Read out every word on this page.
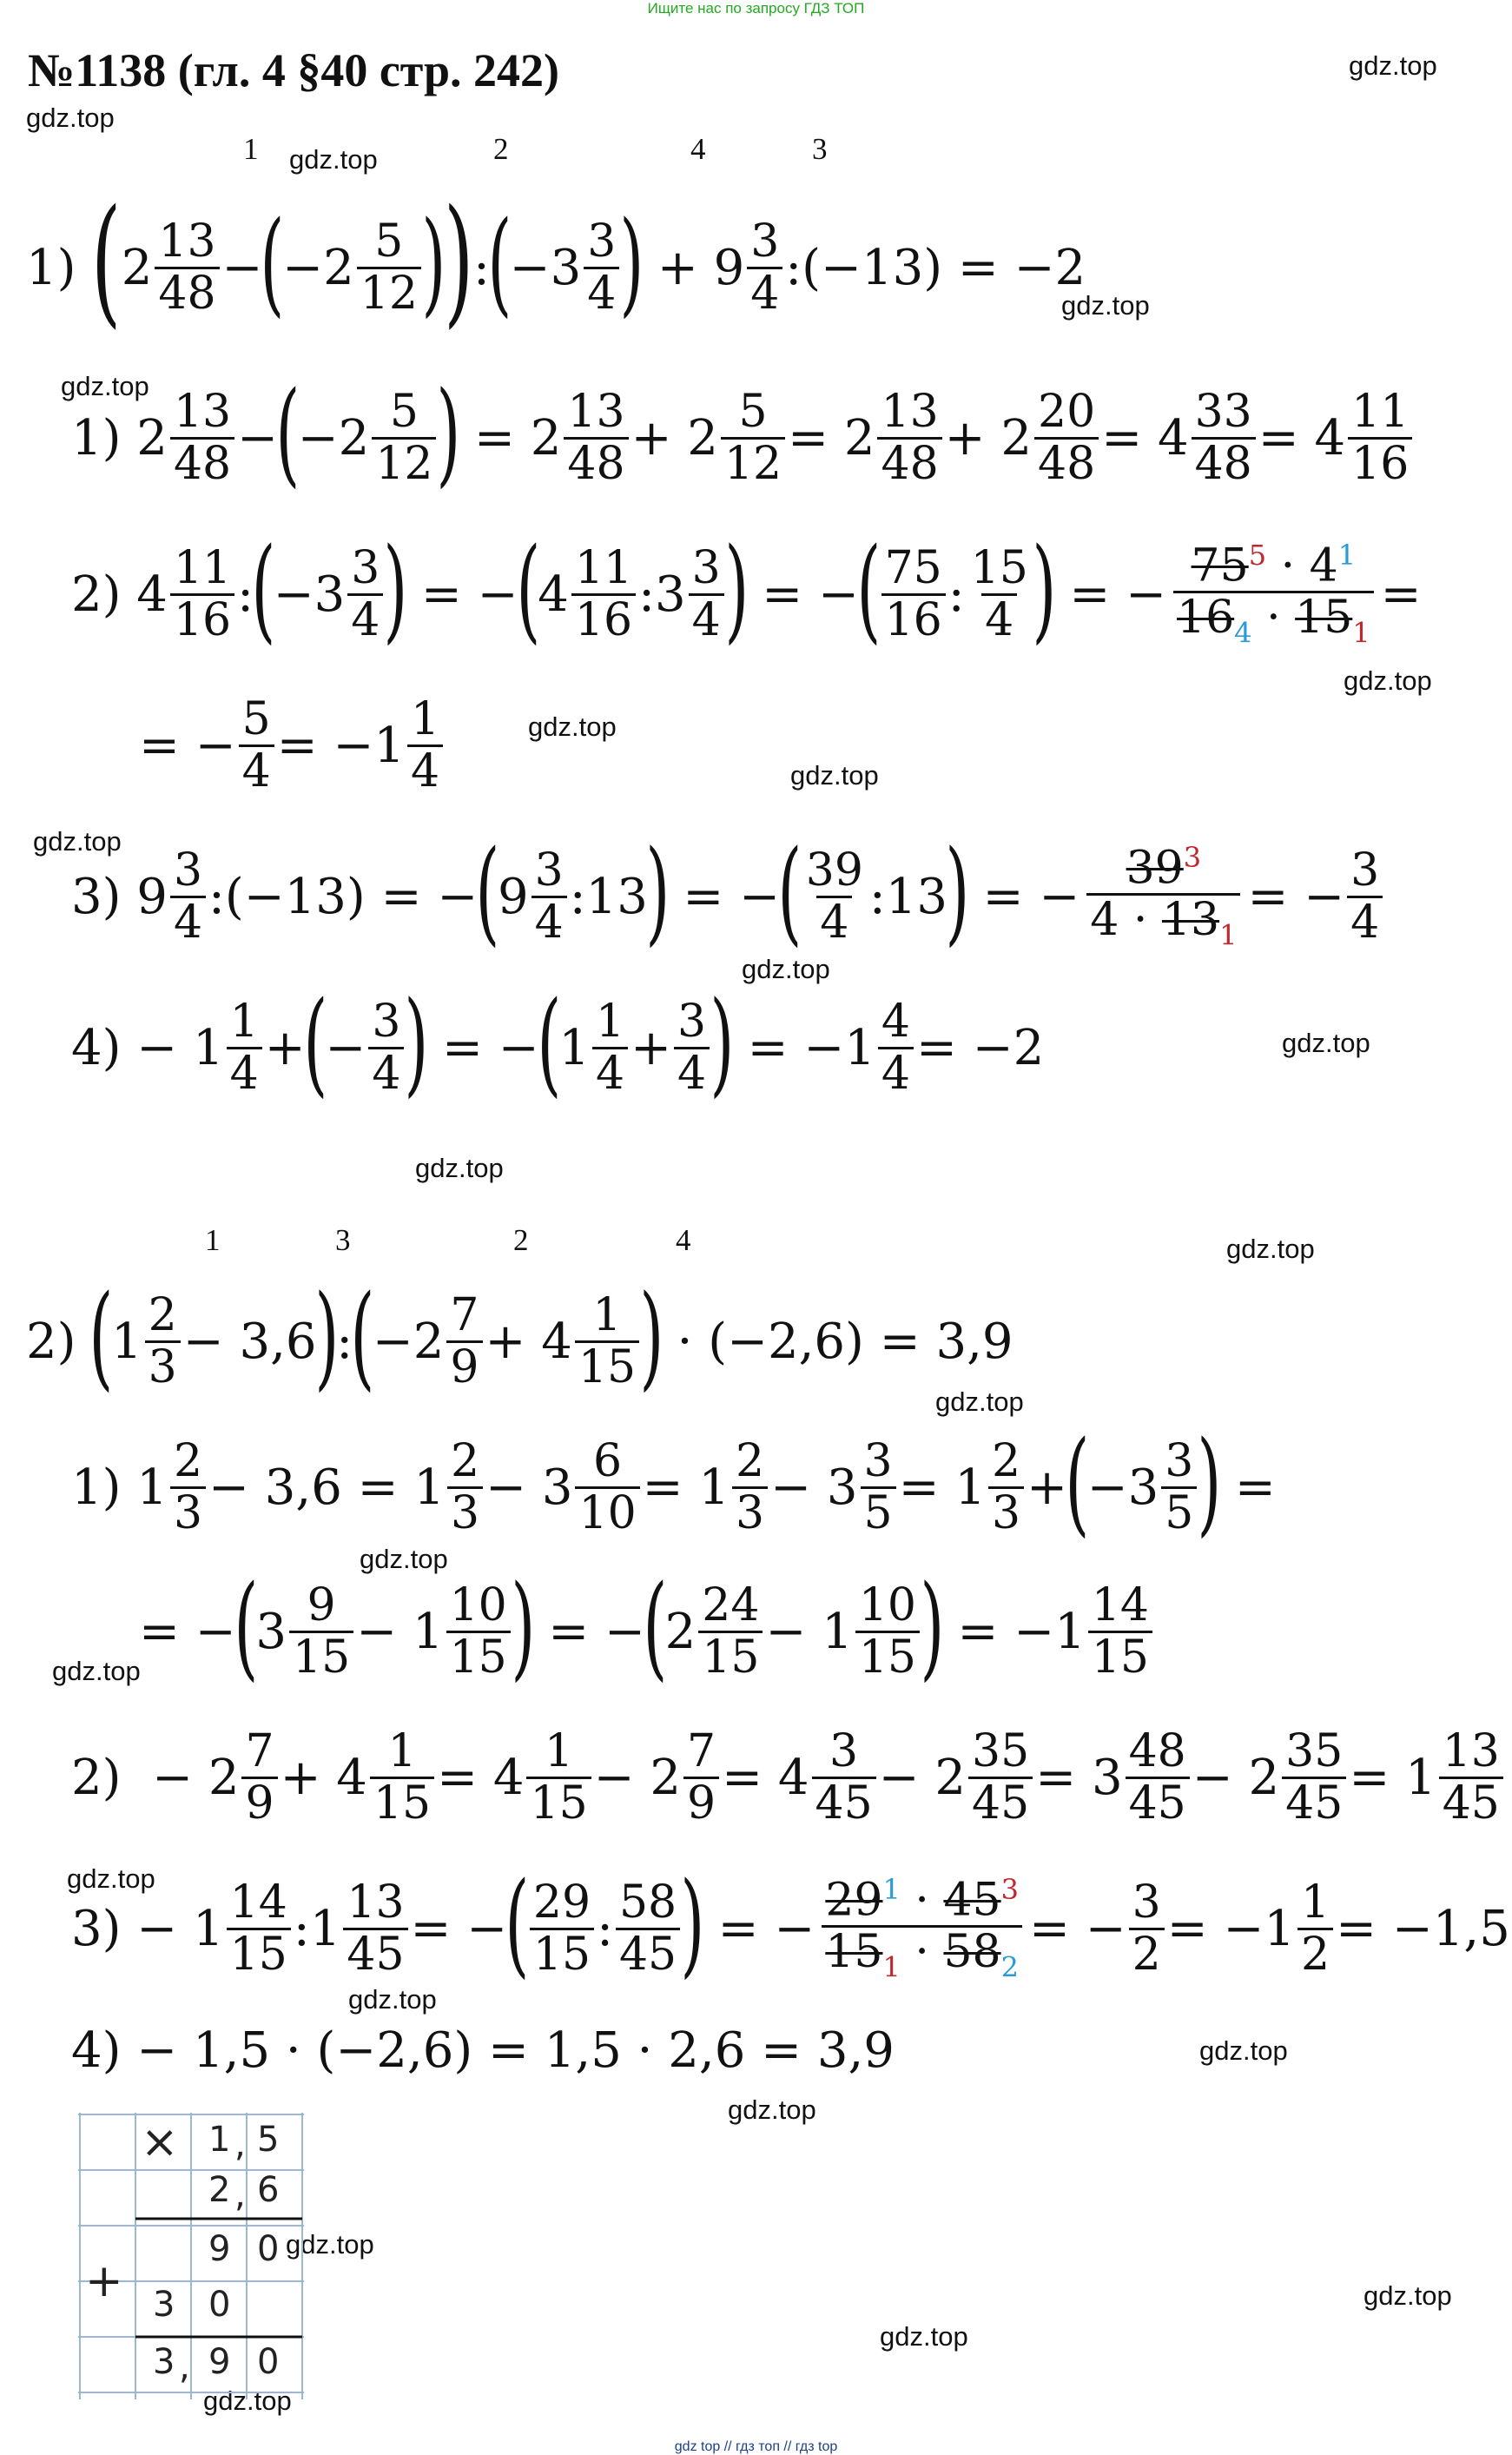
Ищите нас по запросу ГДЗ ТОП
gdz top // гдз топ // гдз top
№1138 (гл. 4 §40 стр. 242)	gdz.top
gdz.top
gdz.top
gdz.top
gdz.top
gdz.top
gdz.top
gdz.top
gdz.top
gdz.top
gdz.top
gdz.top
gdz.top
gdz.top
gdz.top
gdz.top
gdz.top
gdz.top
gdz.top
gdz.top
gdz.top
gdz.top
gdz.top
gdz.top
1	2	4	3
1)
( 2 13
48 −
(
−2 5
12 )
) :
(
− 3 3
4 )
+
9 3
4 : (−13)
=
−2
1)
2 13
48 −
(
−2 5
12 )
=
2 13
48 +
$2 \frac{5}{12}$ =
2 13
48 +
$2 \frac{20}{48}$ =
$4 \frac{33}{48}$ =
4 11
16
2)
4 11
16 :
(
− 3 3
4 )
=
−
(
4 11
16 : 3 3
4 )
=
−
( 75
16 : 15
4 )
=
− $\frac{75^5 \cdot 4^1}{16_4 \cdot 15_1}$ =
=
− $\frac{5}{4}$ =
−1 1
4
3)
9 3
4 : (−13)
=
−
(
9 3
4 : 13
)
=
−
( 39
4 : 13
)
=
− $\frac{39^3}{4 \cdot 13_1}$ =
− $\frac{3}{4}$
4)
−
1 1
4 +
(
− $\frac{3}{4}$ )
=
−
(
1 1
$4 + \frac{3}{4}$ )
=
$-1 \frac{4}{4}$ =
−2
1	3	2	4
2)
(
1 2
3 −
3,6
)
:
(
−2 7
9 +
4 1
15 )
·
(−2,6)
=
3,9
1)
1 2
3 −
3,6
=
1 2
3 −
$3 \frac{6}{10}$ =
1 2
3 −
$3 \frac{3}{5}$ =
1 2
3 +
(
− 3 3
5 )
=
=
−
(
3 9
15 −
1 10
15 )
=
−
(
2 24
15 −
1 10
15 )
=
−1 14
15
2)
−
2 7
9 +
$4 \frac{1}{15}$ =
4 1
15 −
$2 \frac{7}{9}$ =
4 3
45 −
$2 \frac{35}{45}$ =
3 48
45 −
$2 \frac{35}{45}$ =
1 13
45
3)
−
1 14
15 : $1 \frac{13}{45}$ =
−
( 29
15 : 58
45 )
=
− $\frac{29^1 \cdot 45^3}{15_1 \cdot 58_2}$ =
− $\frac{3}{2}$ =
$-1 \frac{1}{2}$ =
−1,5
4)
−
1,5
·
(−2,6)
=
1,5
·
2,6
=
3,9
×
+
1 , 5
2 , 6
9 0
3 0
3 , 9 0
